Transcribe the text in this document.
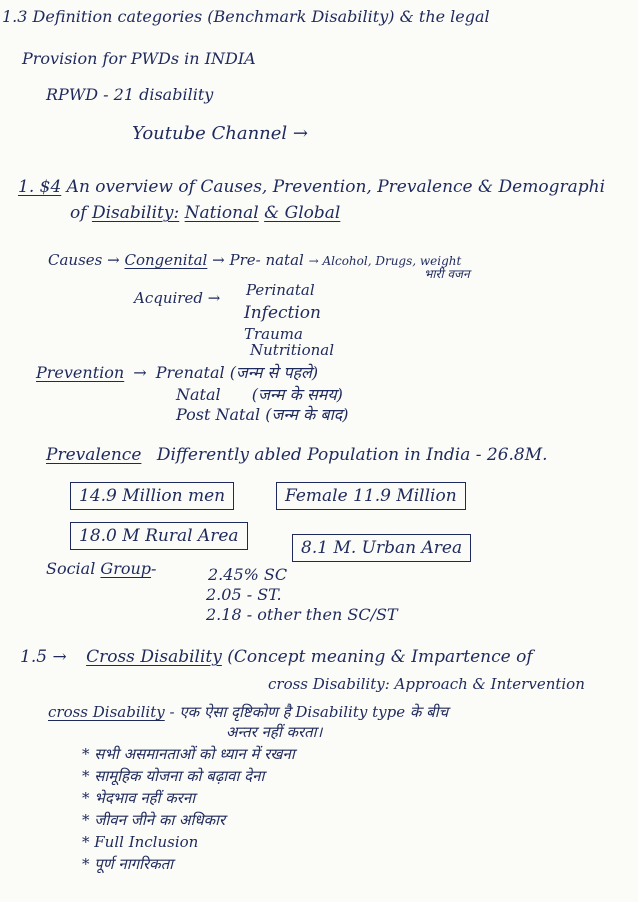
1.3 Definition categories (Benchmark Disability) & the legal
Provision for PWDs in INDIA
RPWD - 21 disability
Youtube Channel →
1. $4 An overview of Causes, Prevention, Prevalence & Demographi
of Disability: National & Global
Causes → Congenital → Pre- natal → Alcohol, Drugs, weight
भारी वजन
Acquired → Perinatal
Infection
Trauma
Nutritional
Prevention → Prenatal (जन्म से पहले)
Natal (जन्म के समय)
Post Natal (जन्म के बाद)
Prevalence Differently abled Population in India - 26.8M.
14.9 Million men	Female 11.9 Million
18.0 M Rural Area
8.1 M. Urban Area
Social Group-	2.45% SC
2.05 - ST.
2.18 - other then SC/ST
1.5 → Cross Disability (Concept meaning & Impartence of
cross Disability: Approach & Intervention
cross Disability - एक ऐसा दृष्टिकोण है Disability type के बीच
अन्तर नहीं करता।
* सभी असमानताओं को ध्यान में रखना
* सामूहिक योजना को बढ़ावा देना
* भेदभाव नहीं करना
* जीवन जीने का अधिकार
* Full Inclusion
* पूर्ण नागरिकता
